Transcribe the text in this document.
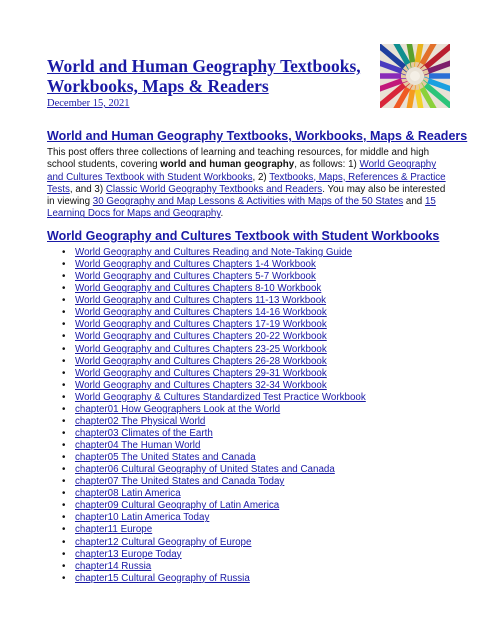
World and Human Geography Textbooks, Workbooks, Maps & Readers
December 15, 2021
World and Human Geography Textbooks, Workbooks, Maps & Readers

This post offers three collections of learning and teaching resources, for middle and high school students, covering world and human geography, as follows: 1) World Geography and Cultures Textbook with Student Workbooks, 2) Textbooks, Maps, References & Practice Tests, and 3) Classic World Geography Textbooks and Readers. You may also be interested in viewing 30 Geography and Map Lessons & Activities with Maps of the 50 States and 15 Learning Docs for Maps and Geography.

World Geography and Cultures Textbook with Student Workbooks
• World Geography and Cultures Reading and Note-Taking Guide
• World Geography and Cultures Chapters 1-4 Workbook
• World Geography and Cultures Chapters 5-7 Workbook
• World Geography and Cultures Chapters 8-10 Workbook
• World Geography and Cultures Chapters 11-13 Workbook
• World Geography and Cultures Chapters 14-16 Workbook
• World Geography and Cultures Chapters 17-19 Workbook
• World Geography and Cultures Chapters 20-22 Workbook
• World Geography and Cultures Chapters 23-25 Workbook
• World Geography and Cultures Chapters 26-28 Workbook
• World Geography and Cultures Chapters 29-31 Workbook
• World Geography and Cultures Chapters 32-34 Workbook
• World Geography & Cultures Standardized Test Practice Workbook
• chapter01 How Geographers Look at the World
• chapter02 The Physical World
• chapter03 Climates of the Earth
• chapter04 The Human World
• chapter05 The United States and Canada
• chapter06 Cultural Geography of United States and Canada
• chapter07 The United States and Canada Today
• chapter08 Latin America
• chapter09 Cultural Geography of Latin America
• chapter10 Latin America Today
• chapter11 Europe
• chapter12 Cultural Geography of Europe
• chapter13 Europe Today
• chapter14 Russia
• chapter15 Cultural Geography of Russia
